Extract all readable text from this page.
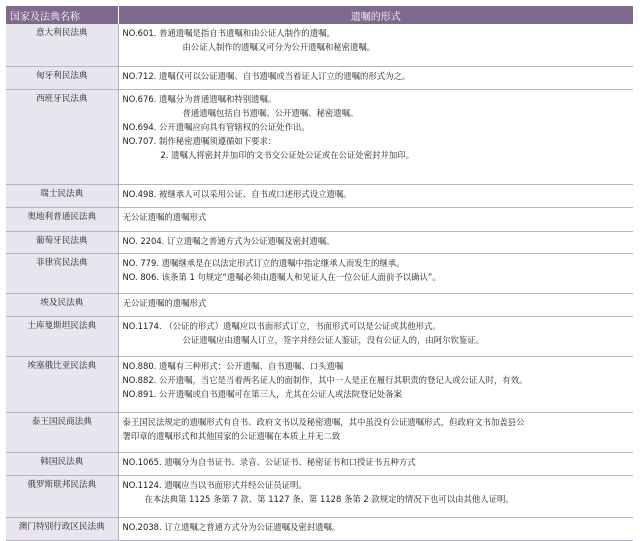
国家及法典名称	遗嘱的形式
意大利民法典	NO.601. 普通遗嘱是指自书遗嘱和由公证人制作的遗嘱。
由公证人制作的遗嘱又可分为公开遗嘱和秘密遗嘱。

匈牙利民法典	NO.712. 遗嘱仅可以公证遗嘱、自书遗嘱或当着证人订立的遗嘱的形式为之。

西班牙民法典	NO.676. 遗嘱分为普通遗嘱和特别遗嘱。
普通遗嘱包括自书遗嘱、公开遗嘱、秘密遗嘱。
NO.694. 公开遗嘱应向具有管辖权的公证处作出。
NO.707. 制作秘密遗嘱须遵循如下要求：
2. 遗嘱人将密封并加印的文书交公证处公证或在公证处密封并加印。

瑞士民法典	NO.498. 被继承人可以采用公证、自书或口述形式设立遗嘱。

奥地利普通民法典	无公证遗嘱的遗嘱形式

葡萄牙民法典	NO. 2204. 订立遗嘱之普通方式为公证遗嘱及密封遗嘱。

菲律宾民法典	NO. 779. 遗嘱继承是在以法定形式订立的遗嘱中指定继承人而发生的继承。
NO. 806. 该条第 1 句规定“遗嘱必须由遗嘱人和见证人在一位公证人面前予以确认”。

埃及民法典	无公证遗嘱的遗嘱形式

土库曼斯坦民法典	NO.1174. （公证的形式）遗嘱应以书面形式订立，书面形式可以是公证或其他形式。
公证遗嘱应由遗嘱人订立，签字并经公证人鉴证，没有公证人的，由阿尔钦鉴证。

埃塞俄比亚民法典	NO.880. 遗嘱有三种形式：公开遗嘱、自书遗嘱、口头遗嘱
NO.882. 公开遗嘱，当它是当着两名证人的面制作，其中一人是正在履行其职责的登记人或公证人时，有效。
NO.891. 公开遗嘱或自书遗嘱可在第三人，尤其在公证人或法院登记处备案

泰王国民商法典	泰王国民法规定的遗嘱形式有自书、政府文书以及秘密遗嘱，其中虽没有公证遗嘱形式，但政府文书加盖县公
署印章的遗嘱形式和其他国家的公证遗嘱在本质上并无二致

韩国民法典	NO.1065. 遗嘱分为自书证书、录音、公证证书、秘密证书和口授证书五种方式

俄罗斯联邦民法典	NO.1124. 遗嘱应当以书面形式并经公证员证明。
在本法典第 1125 条第 7 款、第 1127 条、第 1128 条第 2 款规定的情况下也可以由其他人证明。

澳门特别行政区民法典	NO.2038. 订立遗嘱之普通方式分为公证遗嘱及密封遗嘱。
